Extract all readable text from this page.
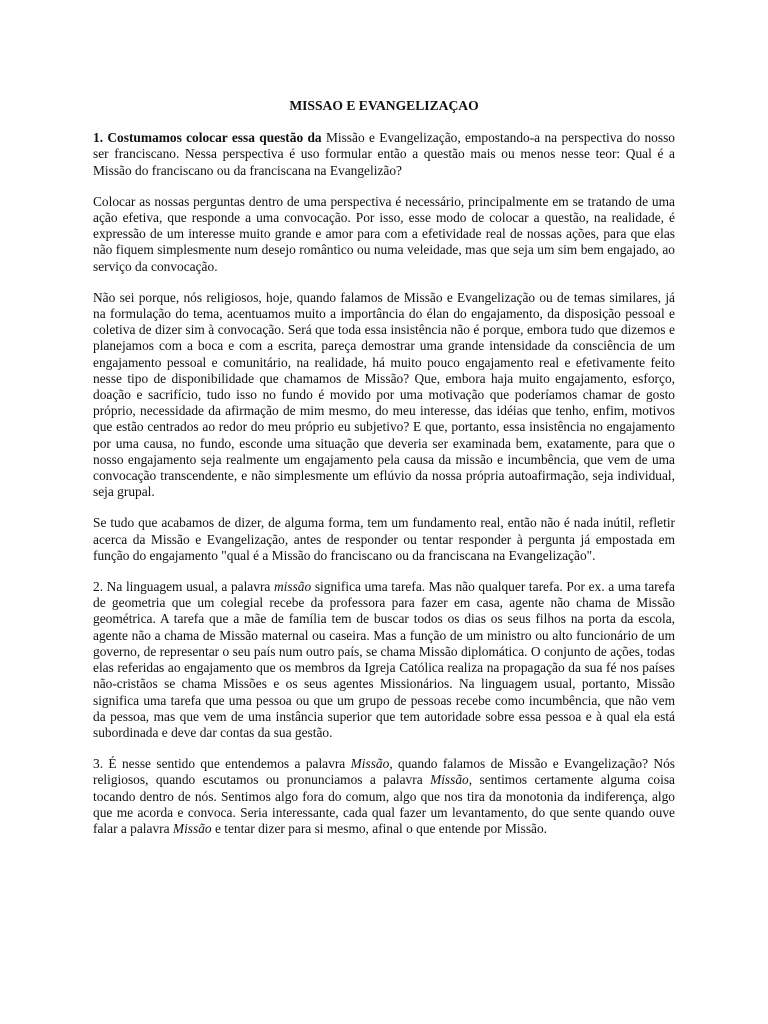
MISSAO E EVANGELIZAÇAO

1. Costumamos colocar essa questão da Missão e Evangelização, empostando-a na perspectiva do nosso ser franciscano. Nessa perspectiva é uso formular então a questão mais ou menos nesse teor: Qual é a Missão do franciscano ou da franciscana na Evangelizão?

Colocar as nossas perguntas dentro de uma perspectiva é necessário, principalmente em se tratando de uma ação efetiva, que responde a uma convocação. Por isso, esse modo de colocar a questão, na realidade, é expressão de um interesse muito grande e amor para com a efetividade real de nossas ações, para que elas não fiquem simplesmente num desejo romântico ou numa veleidade, mas que seja um sim bem engajado, ao serviço da convocação.

Não sei porque, nós religiosos, hoje, quando falamos de Missão e Evangelização ou de temas similares, já na formulação do tema, acentuamos muito a importância do élan do engajamento, da disposição pessoal e coletiva de dizer sim à convocação. Será que toda essa insistência não é porque, embora tudo que dizemos e planejamos com a boca e com a escrita, pareça demostrar uma grande intensidade da consciência de um engajamento pessoal e comunitário, na realidade, há muito pouco engajamento real e efetivamente feito nesse tipo de disponibilidade que chamamos de Missão? Que, embora haja muito engajamento, esforço, doação e sacrifício, tudo isso no fundo é movido por uma motivação que poderíamos chamar de gosto próprio, necessidade da afirmação de mim mesmo, do meu interesse, das idéias que tenho, enfim, motivos que estão centrados ao redor do meu próprio eu subjetivo? E que, portanto, essa insistência no engajamento por uma causa, no fundo, esconde uma situação que deveria ser examinada bem, exatamente, para que o nosso engajamento seja realmente um engajamento pela causa da missão e incumbência, que vem de uma convocação transcendente, e não simplesmente um eflúvio da nossa própria autoafirmação, seja individual, seja grupal.

Se tudo que acabamos de dizer, de alguma forma, tem um fundamento real, então não é nada inútil, refletir acerca da Missão e Evangelização, antes de responder ou tentar responder à pergunta já empostada em função do engajamento "qual é a Missão do franciscano ou da franciscana na Evangelização".

2. Na linguagem usual, a palavra missão significa uma tarefa. Mas não qualquer tarefa. Por ex. a uma tarefa de geometria que um colegial recebe da professora para fazer em casa, agente não chama de Missão geométrica. A tarefa que a mãe de família tem de buscar todos os dias os seus filhos na porta da escola, agente não a chama de Missão maternal ou caseira. Mas a função de um ministro ou alto funcionário de um governo, de representar o seu país num outro país, se chama Missão diplomática. O conjunto de ações, todas elas referidas ao engajamento que os membros da Igreja Católica realiza na propagação da sua fé nos países não-cristãos se chama Missões e os seus agentes Missionários. Na linguagem usual, portanto, Missão significa uma tarefa que uma pessoa ou que um grupo de pessoas recebe como incumbência, que não vem da pessoa, mas que vem de uma instância superior que tem autoridade sobre essa pessoa e à qual ela está subordinada e deve dar contas da sua gestão.

3. É nesse sentido que entendemos a palavra Missão, quando falamos de Missão e Evangelização? Nós religiosos, quando escutamos ou pronunciamos a palavra Missão, sentimos certamente alguma coisa tocando dentro de nós. Sentimos algo fora do comum, algo que nos tira da monotonia da indiferença, algo que me acorda e convoca. Seria interessante, cada qual fazer um levantamento, do que sente quando ouve falar a palavra Missão e tentar dizer para si mesmo, afinal o que entende por Missão.
